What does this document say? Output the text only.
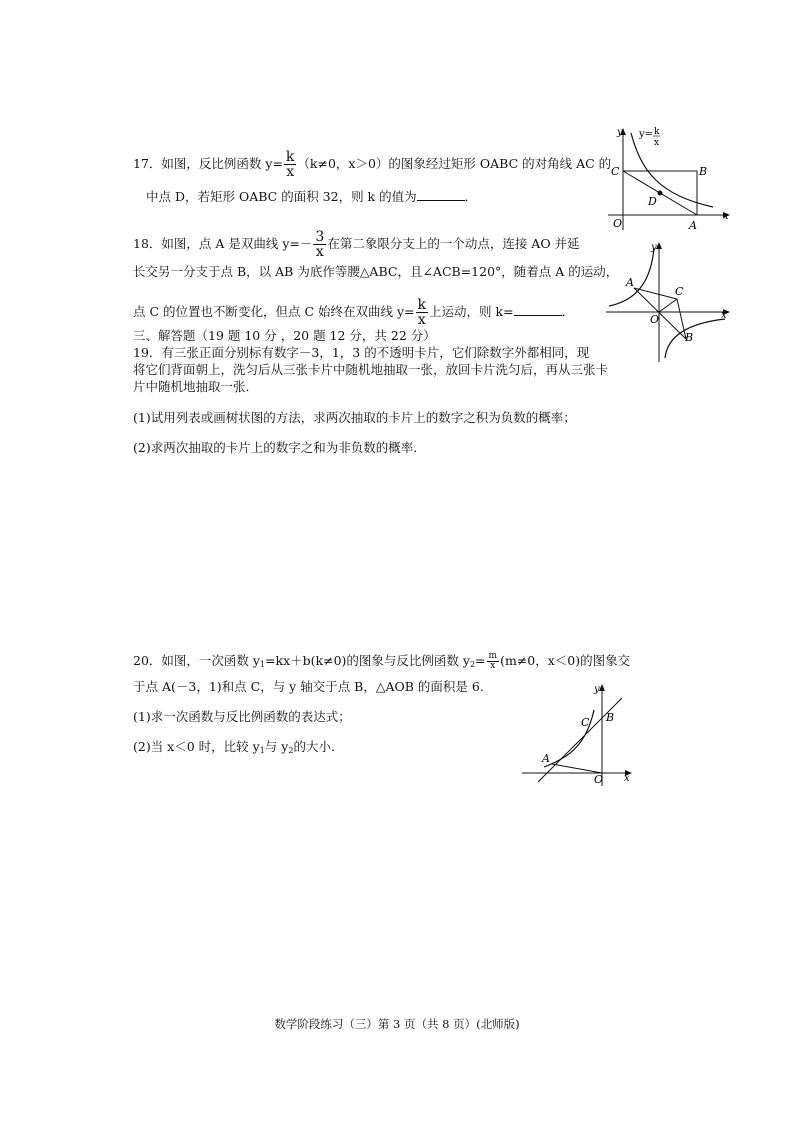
17．如图，反比例函数 $y= \frac{k}{x} (k\ne 0$，x＞0）的图象经过矩形 OABC 的对角线 AC 的
中点 D，若矩形 OABC 的面积 32，则 k 的值为	．
y y= k
x
C	B
D
O	A
x
18．如图，点 A 是双曲线 $y=- \frac{3}{x}$ 在第二象限分支上的一个动点，连接 AO 并延
长交另一分支于点 B，以 AB 为底作等腰△ABC，且∠ACB=120°，随着点 A 的运动，
点 C 的位置也不断变化，但点 C 始终在双曲线 $y= \frac{k}{x}$ 上运动，则 k=	．
y
A
C
O
B
x
三、解答题（19 题 10 分 ，20 题 12 分，共 22 分）
19．有三张正面分别标有数字－3，1，3 的不透明卡片，它们除数字外都相同，现
将它们背面朝上，洗匀后从三张卡片中随机地抽取一张，放回卡片洗匀后，再从三张卡
片中随机地抽取一张．
(1)试用列表或画树状图的方法，求两次抽取的卡片上的数字之积为负数的概率；
(2)求两次抽取的卡片上的数字之和为非负数的概率．
20．如图，一次函数 $y_1=kx+b(k\ne 0)$的图象与反比例函数 $y_2= \frac{m}{x} (m\ne 0$，x＜0)的图象交
于点 A(－3，1)和点 C，与 y 轴交于点 B，△AOB 的面积是 6.
(1)求一次函数与反比例函数的表达式；
(2)当 x＜0 时，比较 $y_1$与 $y_2$的大小．
y
C B
A
O x
数学阶段练习（三）第 3 页（共 8 页）(北师版)
